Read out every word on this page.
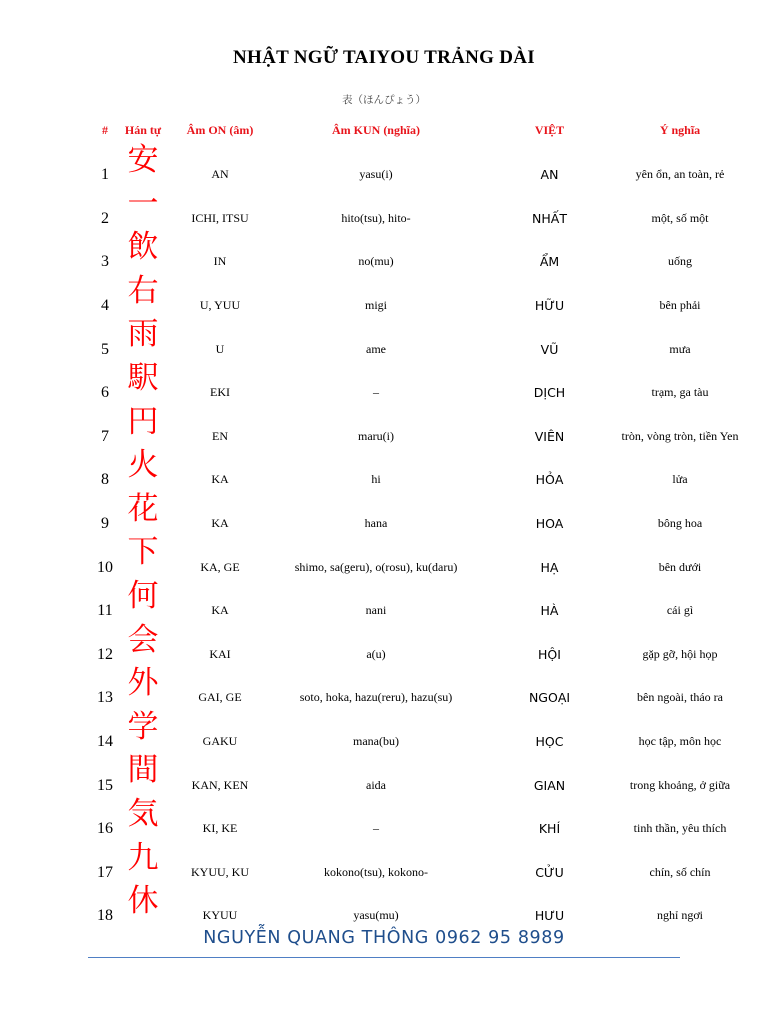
NHẬT NGỮ TAIYOU TRẢNG DÀI
表（ほんぴょう）
#	Hán tự	Âm ON (âm)	Âm KUN (nghĩa)	VIỆT	Ý nghĩa
1 安	AN	yasu(i)	AN	yên ổn, an toàn, rẻ
2 一	ICHI, ITSU	hito(tsu), hito-	NHẤT	một, số một
3 飲	IN	no(mu)	ẨM	uống
4 右	U, YUU	migi	HỮU	bên phải
5 雨	U	ame	VŨ	mưa
6 駅	EKI	–	DỊCH	trạm, ga tàu
7 円	EN	maru(i)	VIÊN	tròn, vòng tròn, tiền Yen
8 火	KA	hi	HỎA	lửa
9 花	KA	hana	HOA	bông hoa
10 下	KA, GE	shimo, sa(geru), o(rosu), ku(daru)	HẠ	bên dưới
11 何	KA	nani	HÀ	cái gì
12 会	KAI	a(u)	HỘI	gặp gỡ, hội họp
13 外	GAI, GE	soto, hoka, hazu(reru), hazu(su)	NGOẠI	bên ngoài, tháo ra
14 学	GAKU	mana(bu)	HỌC	học tập, môn học
15 間	KAN, KEN	aida	GIAN	trong khoảng, ở giữa
16 気	KI, KE	–	KHÍ	tinh thần, yêu thích
17 九	KYUU, KU	kokono(tsu), kokono-	CỬU	chín, số chín
18 休	KYUU	yasu(mu)	HƯU	nghỉ ngơi
NGUYỄN QUANG THÔNG 0962 95 8989
